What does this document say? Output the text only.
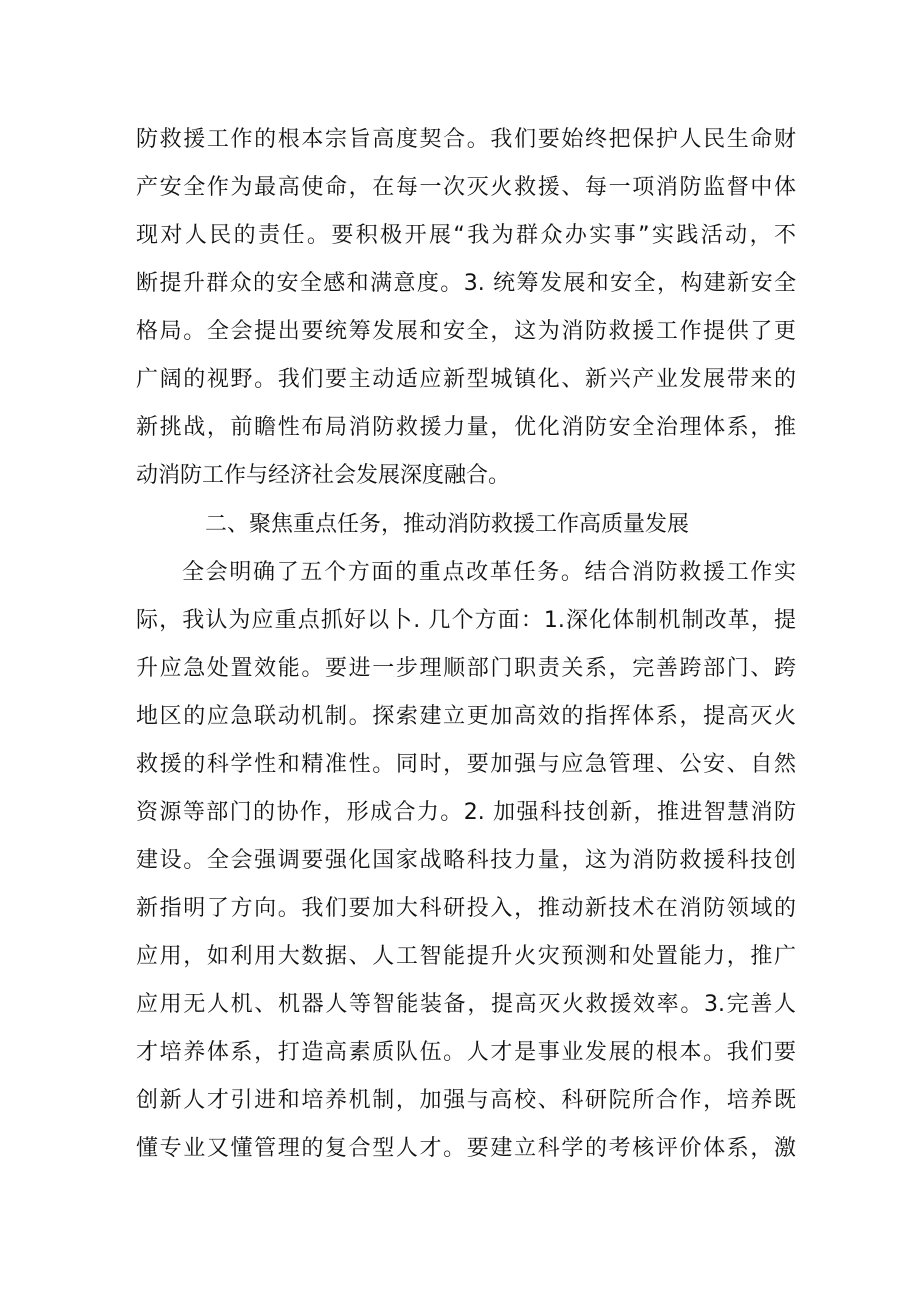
防救援工作的根本宗旨高度契合。我们要始终把保护人民生命财

产安全作为最高使命，在每一次灭火救援、每一项消防监督中体

现对人民的责任。要积极开展“我为群众办实事”实践活动，不

断提升群众的安全感和满意度。3. 统筹发展和安全，构建新安全

格局。全会提出要统筹发展和安全，这为消防救援工作提供了更

广阔的视野。我们要主动适应新型城镇化、新兴产业发展带来的

新挑战，前瞻性布局消防救援力量，优化消防安全治理体系，推

动消防工作与经济社会发展深度融合。

二、聚焦重点任务，推动消防救援工作高质量发展

全会明确了五个方面的重点改革任务。结合消防救援工作实

际，我认为应重点抓好以卜. 几个方面：1.深化体制机制改革，提

升应急处置效能。要进一步理顺部门职责关系，完善跨部门、跨

地区的应急联动机制。探索建立更加高效的指挥体系，提高灭火

救援的科学性和精准性。同时，要加强与应急管理、公安、自然

资源等部门的协作，形成合力。2. 加强科技创新，推进智慧消防

建设。全会强调要强化国家战略科技力量，这为消防救援科技创

新指明了方向。我们要加大科研投入，推动新技术在消防领域的

应用，如利用大数据、人工智能提升火灾预测和处置能力，推广

应用无人机、机器人等智能装备，提高灭火救援效率。3.完善人

才培养体系，打造高素质队伍。人才是事业发展的根本。我们要

创新人才引进和培养机制，加强与高校、科研院所合作，培养既

懂专业又懂管理的复合型人才。要建立科学的考核评价体系，激
